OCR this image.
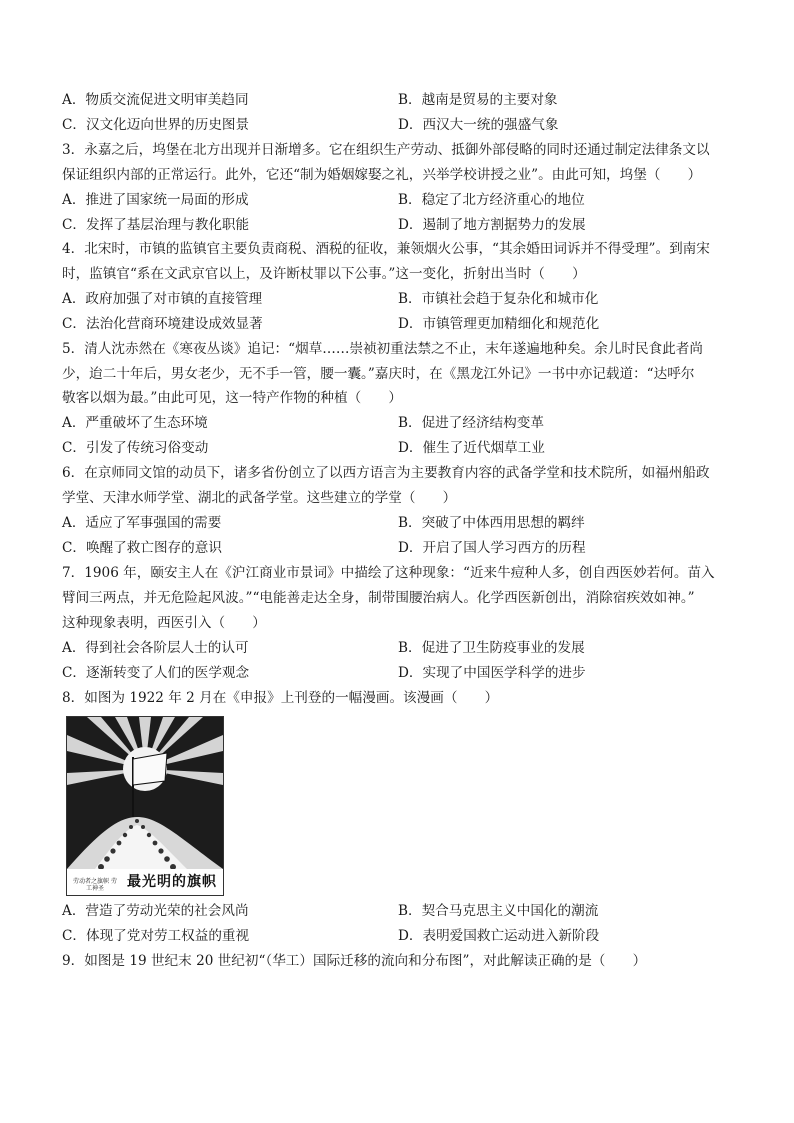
A．物质交流促进文明审美趋同	B．越南是贸易的主要对象
C．汉文化迈向世界的历史图景	D．西汉大一统的强盛气象
3．永嘉之后，坞堡在北方出现并日渐增多。它在组织生产劳动、抵御外部侵略的同时还通过制定法律条文以
保证组织内部的正常运行。此外，它还“制为婚姻嫁娶之礼，兴举学校讲授之业”。由此可知，坞堡（　　）
A．推进了国家统一局面的形成	B．稳定了北方经济重心的地位
C．发挥了基层治理与教化职能	D．遏制了地方割据势力的发展
4．北宋时，市镇的监镇官主要负责商税、酒税的征收，兼领烟火公事，“其余婚田词诉并不得受理”。到南宋
时，监镇官“系在文武京官以上，及许断杖罪以下公事。”这一变化，折射出当时（　　）
A．政府加强了对市镇的直接管理	B．市镇社会趋于复杂化和城市化
C．法治化营商环境建设成效显著	D．市镇管理更加精细化和规范化
5．清人沈赤然在《寒夜丛谈》追记：“烟草……崇祯初重法禁之不止，末年遂遍地种矣。余儿时民食此者尚
少，迨二十年后，男女老少，无不手一管，腰一囊。”嘉庆时，在《黑龙江外记》一书中亦记载道：“达呼尔
敬客以烟为最。”由此可见，这一特产作物的种植（　　）
A．严重破坏了生态环境	B．促进了经济结构变革
C．引发了传统习俗变动	D．催生了近代烟草工业
6．在京师同文馆的动员下，诸多省份创立了以西方语言为主要教育内容的武备学堂和技术院所，如福州船政
学堂、天津水师学堂、湖北的武备学堂。这些建立的学堂（　　）
A．适应了军事强国的需要	B．突破了中体西用思想的羁绊
C．唤醒了救亡图存的意识	D．开启了国人学习西方的历程
7．1906 年，颐安主人在《沪江商业市景词》中描绘了这种现象：“近来牛痘种人多，创自西医妙若何。苗入
臂间三两点，并无危险起风波。”“电能善走达全身，制带围腰治病人。化学西医新创出，消除宿疾效如神。”
这种现象表明，西医引入（　　）
A．得到社会各阶层人士的认可	B．促进了卫生防疫事业的发展
C．逐渐转变了人们的医学观念	D．实现了中国医学科学的进步
8．如图为 1922 年 2 月在《申报》上刊登的一幅漫画。该漫画（　　）
劳动者之旗帜 劳工神圣	最光明的旗帜
A．营造了劳动光荣的社会风尚	B．契合马克思主义中国化的潮流
C．体现了党对劳工权益的重视	D．表明爱国救亡运动进入新阶段
9．如图是 19 世纪末 20 世纪初“（华工）国际迁移的流向和分布图”，对此解读正确的是（　　）
